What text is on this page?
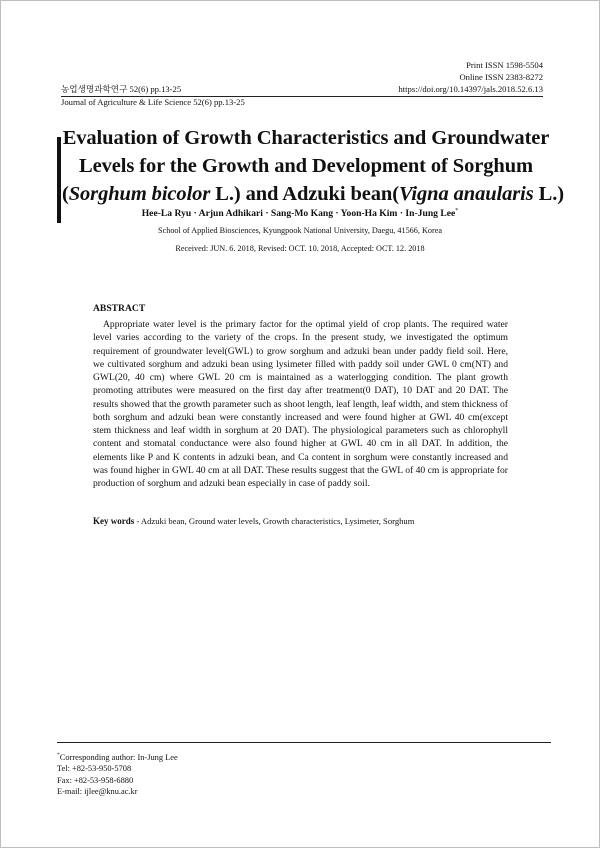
Print ISSN 1598-5504
Online ISSN 2383-8272
농업생명과학연구 52(6) pp.13-25	https://doi.org/10.14397/jals.2018.52.6.13
Journal of Agriculture & Life Science 52(6) pp.13-25
Evaluation of Growth Characteristics and Groundwater
Levels for the Growth and Development of Sorghum
(Sorghum bicolor L.) and Adzuki bean(Vigna anaularis L.)
Hee-La Ryu · Arjun Adhikari · Sang-Mo Kang · Yoon-Ha Kim · In-Jung Lee*
School of Applied Biosciences, Kyungpook National University, Daegu, 41566, Korea
Received: JUN. 6. 2018, Revised: OCT. 10. 2018, Accepted: OCT. 12. 2018
ABSTRACT
Appropriate water level is the primary factor for the optimal yield of crop plants. The required water level varies according to the variety of the crops. In the present study, we investigated the optimum requirement of groundwater level(GWL) to grow sorghum and adzuki bean under paddy field soil. Here, we cultivated sorghum and adzuki bean using lysimeter filled with paddy soil under GWL 0 cm(NT) and GWL(20, 40 cm) where GWL 20 cm is maintained as a waterlogging condition. The plant growth promoting attributes were measured on the first day after treatment(0 DAT), 10 DAT and 20 DAT. The results showed that the growth parameter such as shoot length, leaf length, leaf width, and stem thickness of both sorghum and adzuki bean were constantly increased and were found higher at GWL 40 cm(except stem thickness and leaf width in sorghum at 20 DAT). The physiological parameters such as chlorophyll content and stomatal conductance were also found higher at GWL 40 cm in all DAT. In addition, the elements like P and K contents in adzuki bean, and Ca content in sorghum were constantly increased and was found higher in GWL 40 cm at all DAT. These results suggest that the GWL of 40 cm is appropriate for production of sorghum and adzuki bean especially in case of paddy soil.
Key words - Adzuki bean, Ground water levels, Growth characteristics, Lysimeter, Sorghum
*Corresponding author: In-Jung Lee
Tel: +82-53-950-5708
Fax: +82-53-958-6880
E-mail: ijlee@knu.ac.kr
